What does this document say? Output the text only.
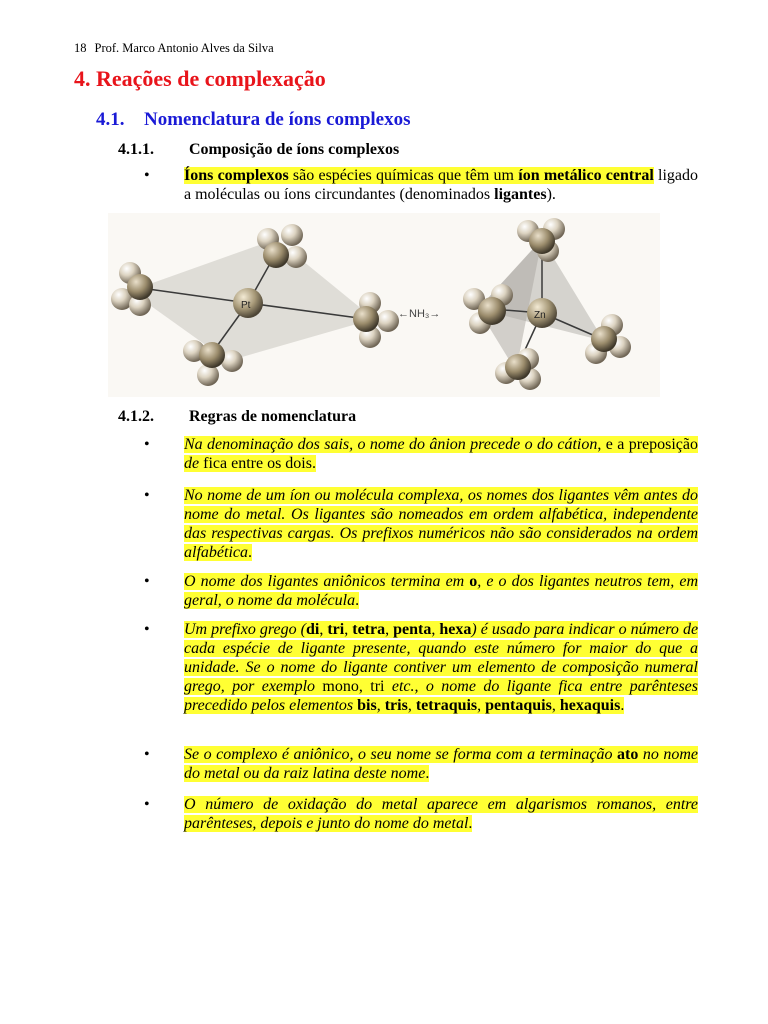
18 Prof. Marco Antonio Alves da Silva
4. Reações de complexação
4.1. Nomenclatura de íons complexos
4.1.1. Composição de íons complexos
• Íons complexos são espécies químicas que têm um íon metálico central ligado a moléculas ou íons circundantes (denominados ligantes).
Pt
←NH₃→	Zn
4.1.2. Regras de nomenclatura
• Na denominação dos sais, o nome do ânion precede o do cátion, e a preposição de fica entre os dois.
• No nome de um íon ou molécula complexa, os nomes dos ligantes vêm antes do nome do metal. Os ligantes são nomeados em ordem alfabética, independente das respectivas cargas. Os prefixos numéricos não são considerados na ordem alfabética.
• O nome dos ligantes aniônicos termina em o, e o dos ligantes neutros tem, em geral, o nome da molécula.
• Um prefixo grego (di, tri, tetra, penta, hexa) é usado para indicar o número de cada espécie de ligante presente, quando este número for maior do que a unidade. Se o nome do ligante contiver um elemento de composição numeral grego, por exemplo mono, tri etc., o nome do ligante fica entre parênteses precedido pelos elementos bis, tris, tetraquis, pentaquis, hexaquis.
• Se o complexo é aniônico, o seu nome se forma com a terminação ato no nome do metal ou da raiz latina deste nome.
• O número de oxidação do metal aparece em algarismos romanos, entre parênteses, depois e junto do nome do metal.
